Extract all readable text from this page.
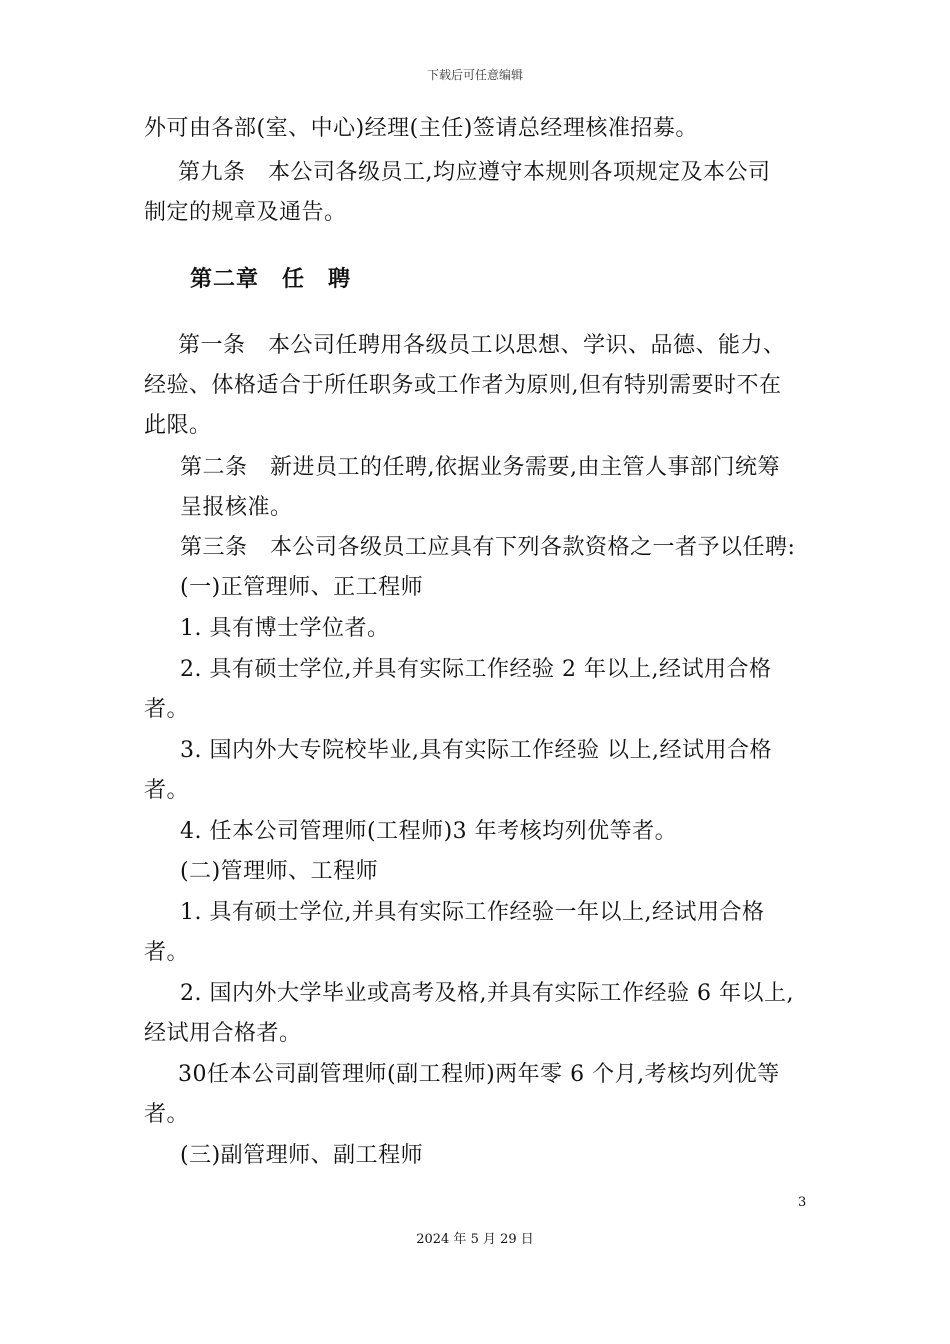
下载后可任意编辑
外可由各部(室、中心)经理(主任)签请总经理核准招募。
第九条　本公司各级员工,均应遵守本规则各项规定及本公司
制定的规章及通告。
第二章　任　聘
第一条　本公司任聘用各级员工以思想、学识、品德、能力、
经验、体格适合于所任职务或工作者为原则,但有特别需要时不在
此限。
第二条　新进员工的任聘,依据业务需要,由主管人事部门统筹
呈报核准。
第三条　本公司各级员工应具有下列各款资格之一者予以任聘:
(一)正管理师、正工程师
1. 具有博士学位者。
2. 具有硕士学位,并具有实际工作经验 2 年以上,经试用合格
者。
3. 国内外大专院校毕业,具有实际工作经验 以上,经试用合格
者。
4. 任本公司管理师(工程师)3 年考核均列优等者。
(二)管理师、工程师
1. 具有硕士学位,并具有实际工作经验一年以上,经试用合格
者。
2. 国内外大学毕业或高考及格,并具有实际工作经验 6 年以上,
经试用合格者。
30任本公司副管理师(副工程师)两年零 6 个月,考核均列优等
者。
(三)副管理师、副工程师
3
2024 年 5 月 29 日
